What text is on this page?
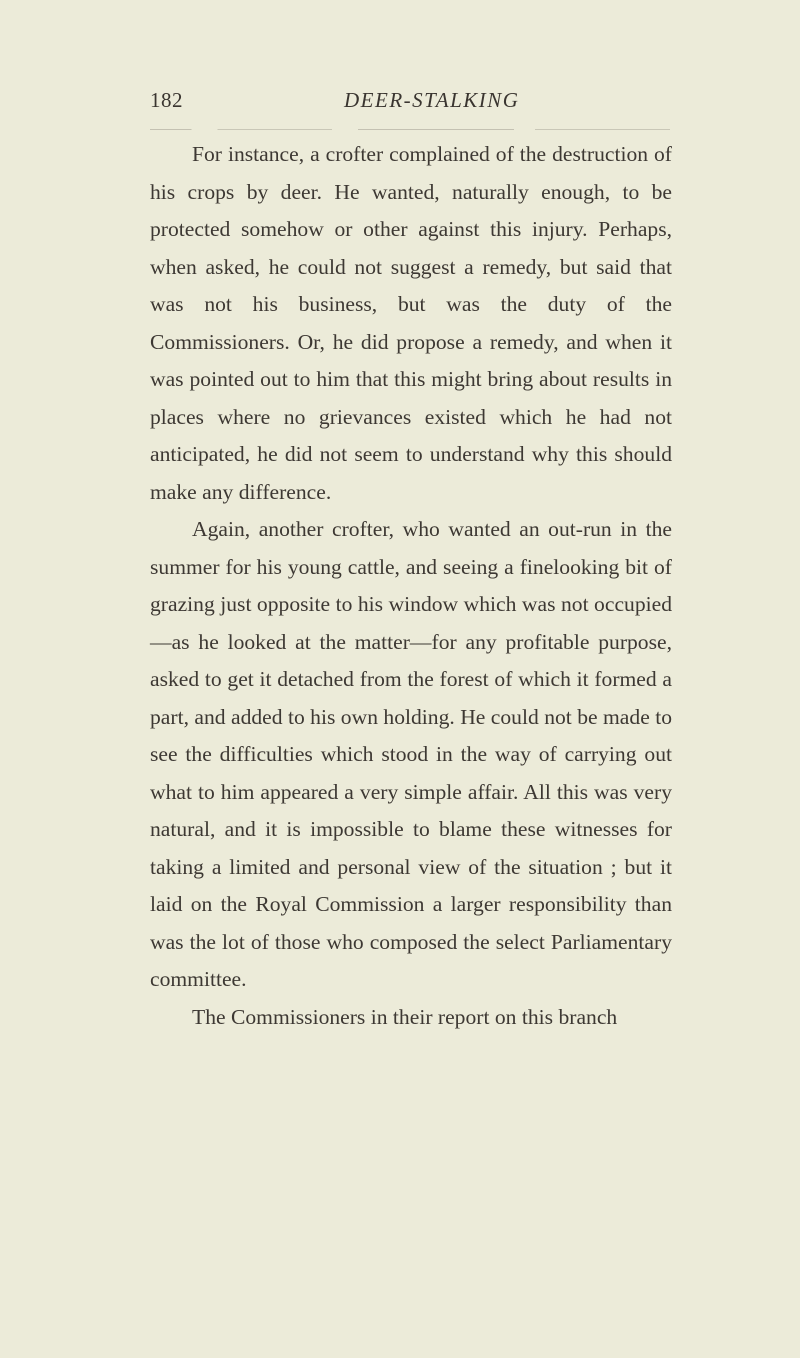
182	DEER-STALKING

For instance, a crofter complained of the destruction of his crops by deer. He wanted, naturally enough, to be protected somehow or other against this injury. Perhaps, when asked, he could not suggest a remedy, but said that was not his business, but was the duty of the Commissioners. Or, he did propose a remedy, and when it was pointed out to him that this might bring about results in places where no grievances existed which he had not anticipated, he did not seem to understand why this should make any difference.

Again, another crofter, who wanted an out-run in the summer for his young cattle, and seeing a finelooking bit of grazing just opposite to his window which was not occupied—as he looked at the matter—for any profitable purpose, asked to get it detached from the forest of which it formed a part, and added to his own holding. He could not be made to see the difficulties which stood in the way of carrying out what to him appeared a very simple affair. All this was very natural, and it is impossible to blame these witnesses for taking a limited and personal view of the situation ; but it laid on the Royal Commission a larger responsibility than was the lot of those who composed the select Parliamentary committee.

The Commissioners in their report on this branch
